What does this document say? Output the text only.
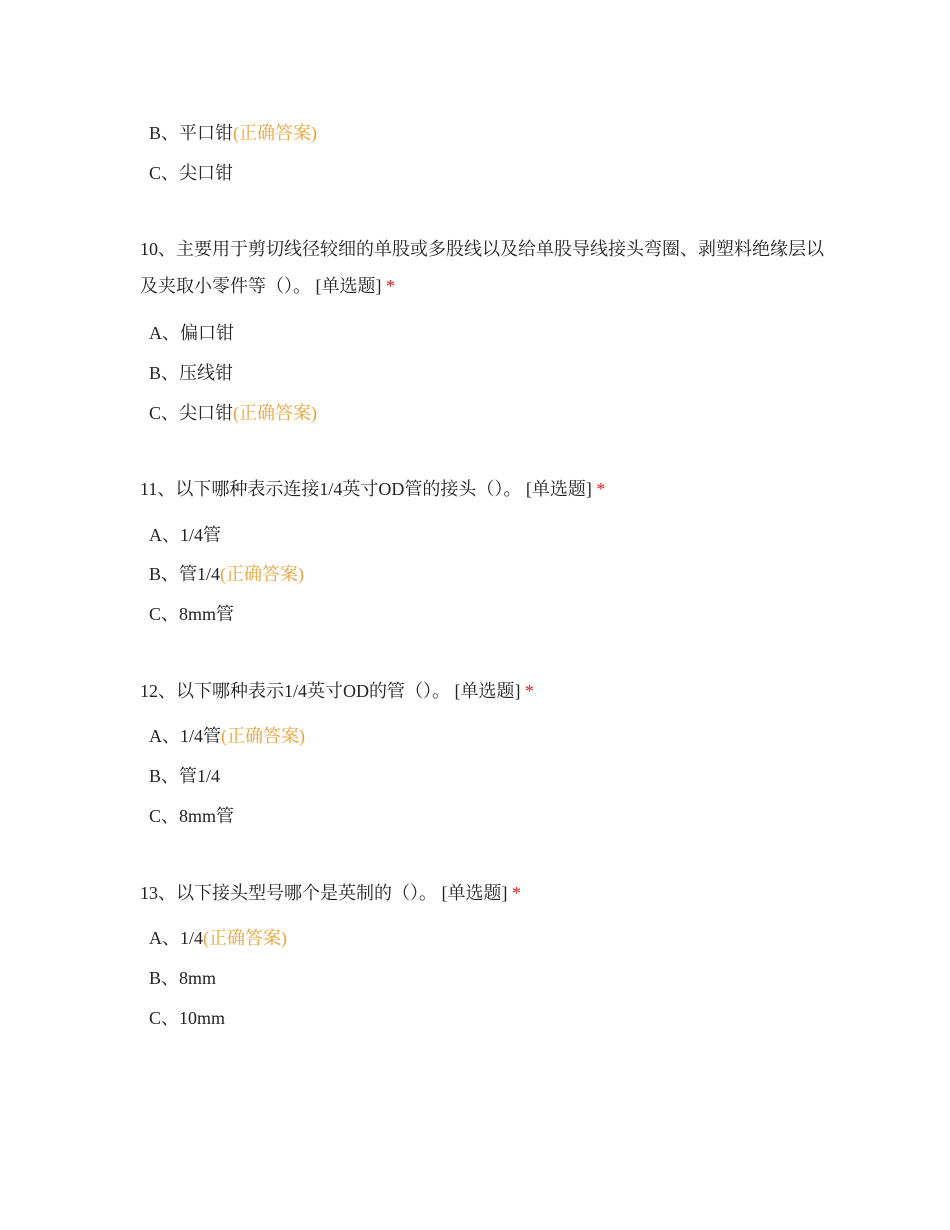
B、平口钳(正确答案)
C、尖口钳
10、主要用于剪切线径较细的单股或多股线以及给单股导线接头弯圈、剥塑料绝缘层以及夹取小零件等（）。 [单选题] *
A、偏口钳
B、压线钳
C、尖口钳(正确答案)
11、以下哪种表示连接1/4英寸OD管的接头（）。 [单选题] *
A、1/4管
B、管1/4(正确答案)
C、8mm管
12、以下哪种表示1/4英寸OD的管（）。 [单选题] *
A、1/4管(正确答案)
B、管1/4
C、8mm管
13、以下接头型号哪个是英制的（）。 [单选题] *
A、1/4(正确答案)
B、8mm
C、10mm
